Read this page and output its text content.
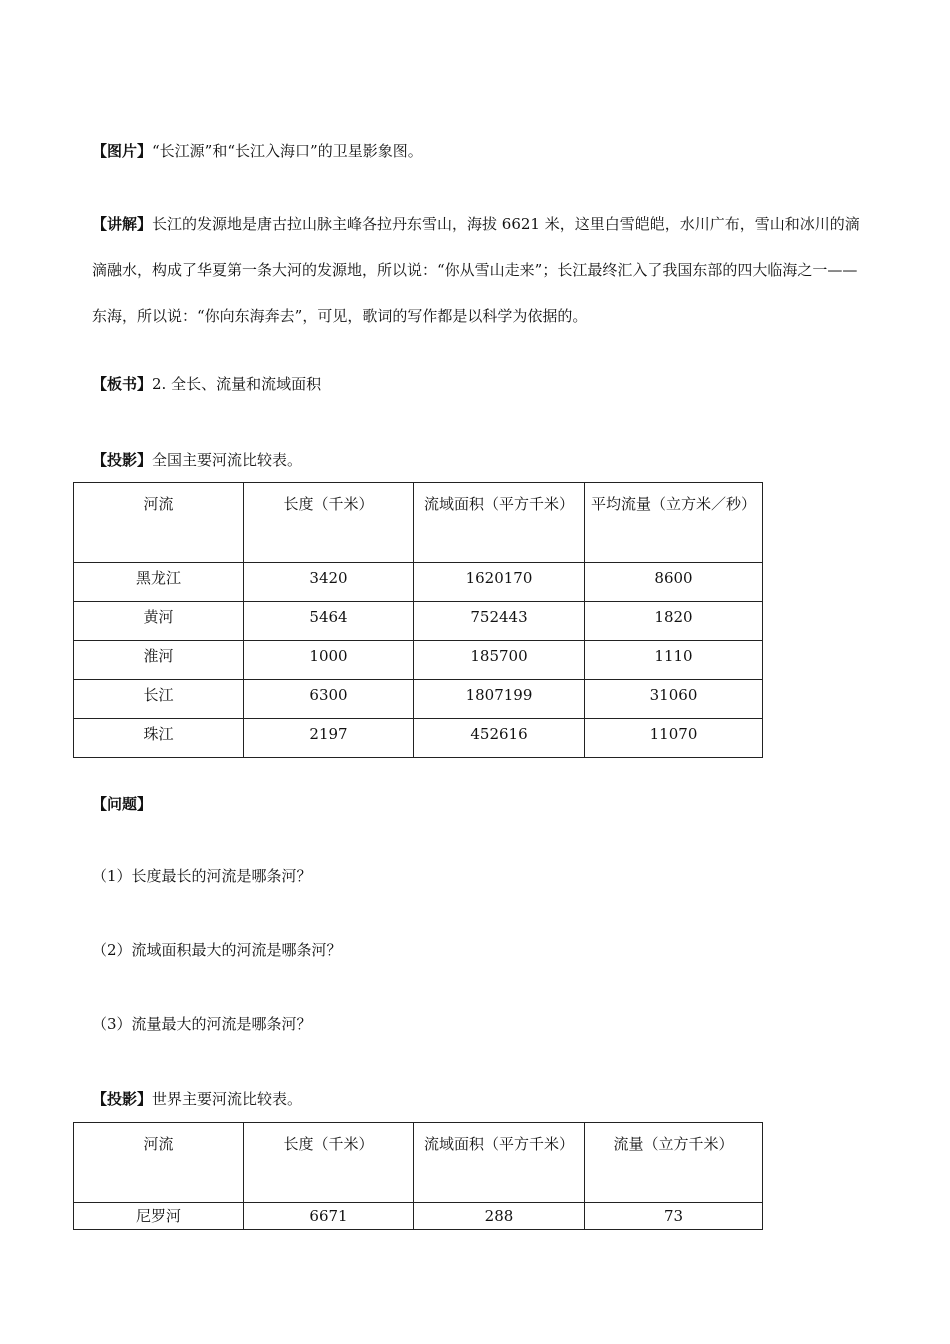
【图片】“长江源”和“长江入海口”的卫星影象图。

【讲解】长江的发源地是唐古拉山脉主峰各拉丹东雪山，海拔 6621 米，这里白雪皑皑，水川广布，雪山和冰川的滴滴融水，构成了华夏第一条大河的发源地，所以说：“你从雪山走来”；长江最终汇入了我国东部的四大临海之一——东海，所以说：“你向东海奔去”，可见，歌词的写作都是以科学为依据的。

【板书】2. 全长、流量和流域面积

【投影】全国主要河流比较表。

河流	长度（千米）	流域面积（平方千米）	平均流量（立方米／秒）
黑龙江	3420	1620170	8600
黄河	5464	752443	1820
淮河	1000	185700	1110
长江	6300	1807199	31060
珠江	2197	452616	11070

【问题】

（1）长度最长的河流是哪条河？

（2）流域面积最大的河流是哪条河？

（3）流量最大的河流是哪条河？

【投影】世界主要河流比较表。

河流	长度（千米）	流域面积（平方千米）	流量（立方千米）
尼罗河	6671	288	73
